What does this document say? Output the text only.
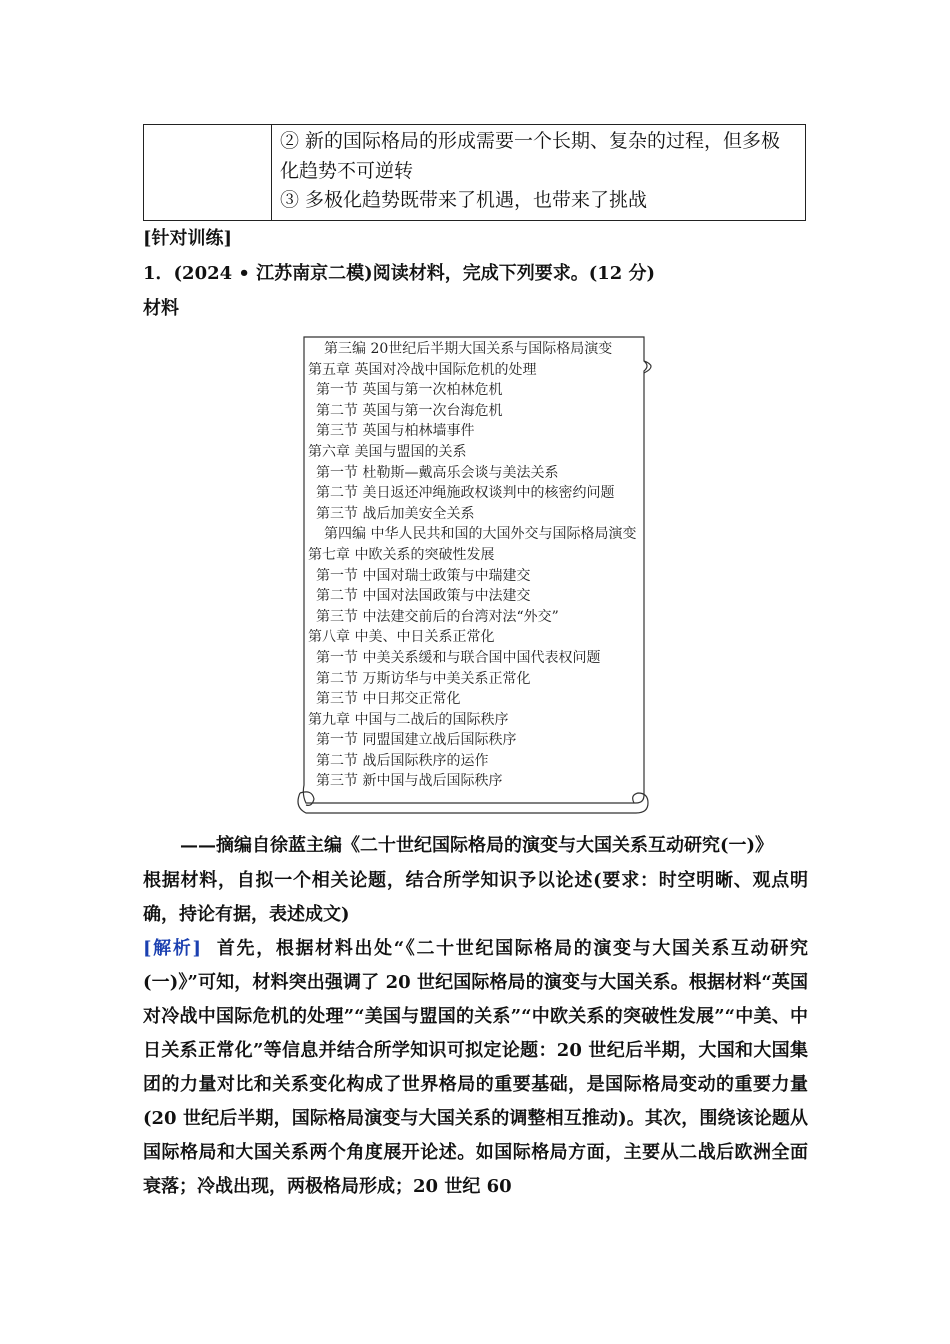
② 新的国际格局的形成需要一个长期、复杂的过程，但多极
化趋势不可逆转
③ 多极化趋势既带来了机遇，也带来了挑战
[针对训练]
1．(2024 • 江苏南京二模)阅读材料，完成下列要求。(12 分)
材料
第三编 20世纪后半期大国关系与国际格局演变
第五章 英国对冷战中国际危机的处理
第一节 英国与第一次柏林危机
第二节 英国与第一次台海危机
第三节 英国与柏林墙事件
第六章 美国与盟国的关系
第一节 杜勒斯—戴高乐会谈与美法关系
第二节 美日返还冲绳施政权谈判中的核密约问题
第三节 战后加美安全关系
第四编 中华人民共和国的大国外交与国际格局演变
第七章 中欧关系的突破性发展
第一节 中国对瑞士政策与中瑞建交
第二节 中国对法国政策与中法建交
第三节 中法建交前后的台湾对法“外交”
第八章 中美、中日关系正常化
第一节 中美关系缓和与联合国中国代表权问题
第二节 万斯访华与中美关系正常化
第三节 中日邦交正常化
第九章 中国与二战后的国际秩序
第一节 同盟国建立战后国际秩序
第二节 战后国际秩序的运作
第三节 新中国与战后国际秩序
——摘编自徐蓝主编《二十世纪国际格局的演变与大国关系互动研究(一)》
根据材料，自拟一个相关论题，结合所学知识予以论述(要求：时空明晰、观点明确，持论有据，表述成文)
[解析] 首先，根据材料出处“《二十世纪国际格局的演变与大国关系互动研究(一)》”可知，材料突出强调了 20 世纪国际格局的演变与大国关系。根据材料“英国对冷战中国际危机的处理”“美国与盟国的关系”“中欧关系的突破性发展”“中美、中日关系正常化”等信息并结合所学知识可拟定论题：20 世纪后半期，大国和大国集团的力量对比和关系变化构成了世界格局的重要基础，是国际格局变动的重要力量(20 世纪后半期，国际格局演变与大国关系的调整相互推动)。其次，围绕该论题从国际格局和大国关系两个角度展开论述。如国际格局方面，主要从二战后欧洲全面衰落；冷战出现，两极格局形成；20 世纪 60
